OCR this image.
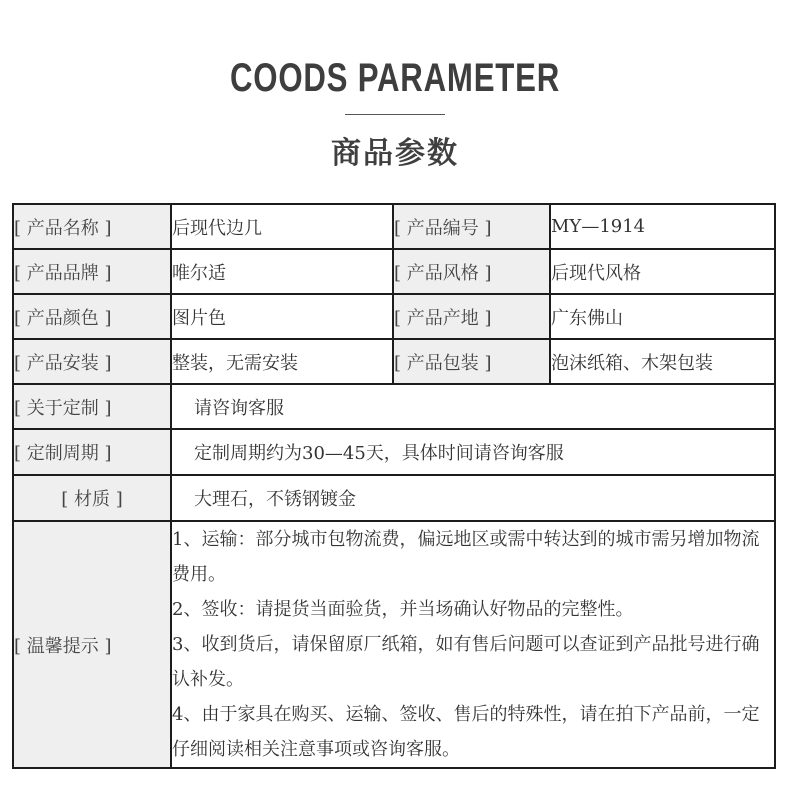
COODS PARAMETER
商品参数
[ 产品名称 ]	后现代边几	[ 产品编号 ]	MY—1914
[ 产品品牌 ]	唯尔适	[ 产品风格 ]	后现代风格
[ 产品颜色 ]	图片色	[ 产品产地 ]	广东佛山
[ 产品安装 ]	整装，无需安装	[ 产品包装 ]	泡沫纸箱、木架包装
[ 关于定制 ]	请咨询客服		
[ 定制周期 ]	定制周期约为30—45天，具体时间请咨询客服		
[ 材质 ]	大理石，不锈钢镀金		
[ 温馨提示 ]	1、运输：部分城市包物流费，偏远地区或需中转达到的城市需另增加物流费用。

2、签收：请提货当面验货，并当场确认好物品的完整性。

3、收到货后，请保留原厂纸箱，如有售后问题可以查证到产品批号进行确认补发。

4、由于家具在购买、运输、签收、售后的特殊性，请在拍下产品前，一定仔细阅读相关注意事项或咨询客服。		
